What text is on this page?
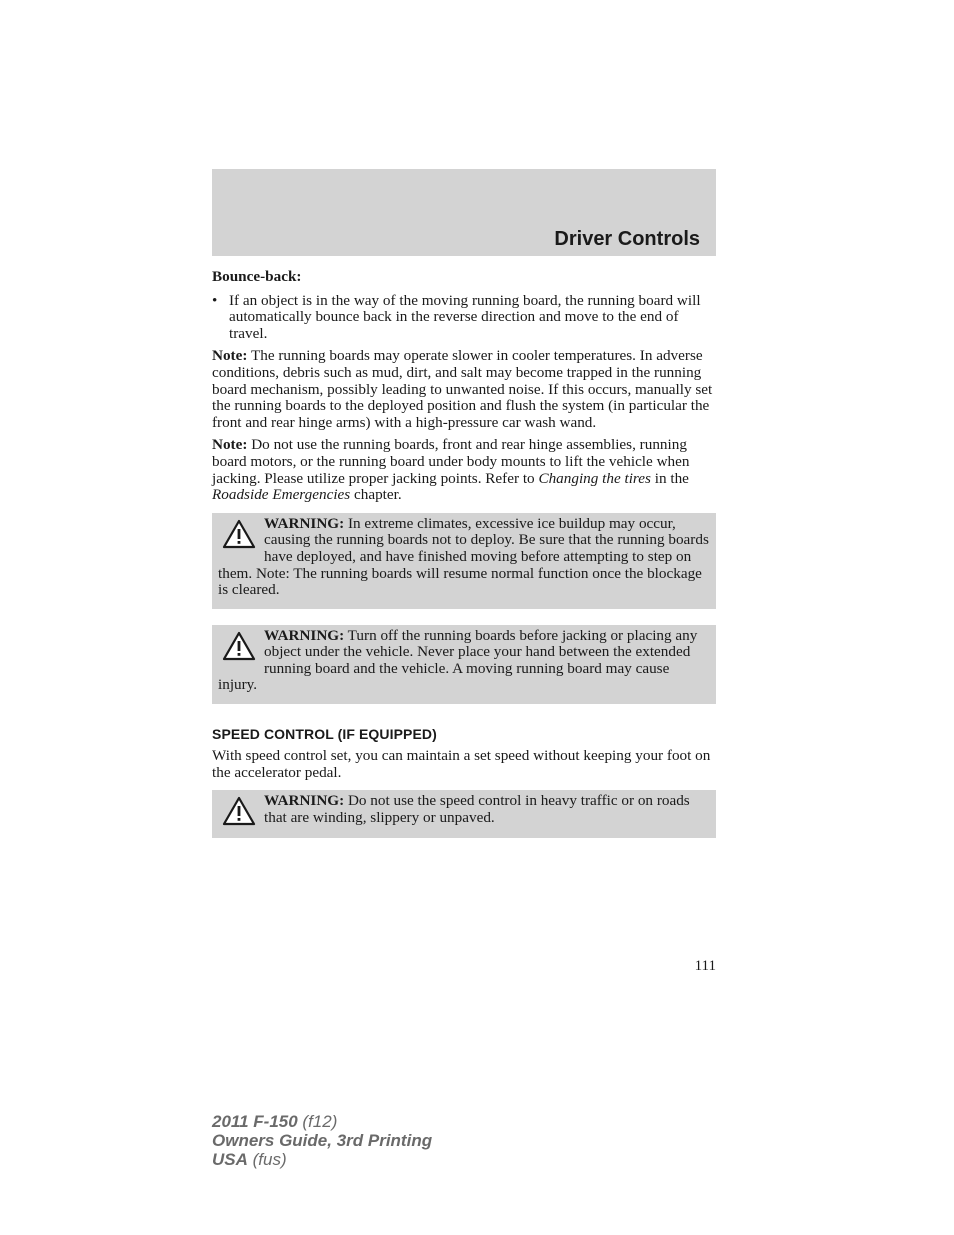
Driver Controls

Bounce-back:

• If an object is in the way of the moving running board, the running board will automatically bounce back in the reverse direction and move to the end of travel.

Note: The running boards may operate slower in cooler temperatures. In adverse conditions, debris such as mud, dirt, and salt may become trapped in the running board mechanism, possibly leading to unwanted noise. If this occurs, manually set the running boards to the deployed position and flush the system (in particular the front and rear hinge arms) with a high-pressure car wash wand.

Note: Do not use the running boards, front and rear hinge assemblies, running board motors, or the running board under body mounts to lift the vehicle when jacking. Please utilize proper jacking points. Refer to Changing the tires in the Roadside Emergencies chapter.

WARNING: In extreme climates, excessive ice buildup may occur, causing the running boards not to deploy. Be sure that the running boards have deployed, and have finished moving before attempting to step on them. Note: The running boards will resume normal function once the blockage is cleared.
WARNING: Turn off the running boards before jacking or placing any object under the vehicle. Never place your hand between the extended running board and the vehicle. A moving running board may cause injury.

SPEED CONTROL (IF EQUIPPED)

With speed control set, you can maintain a set speed without keeping your foot on the accelerator pedal.

WARNING: Do not use the speed control in heavy traffic or on roads that are winding, slippery or unpaved.
111
2011 F-150 (f12)
Owners Guide, 3rd Printing
USA (fus)
